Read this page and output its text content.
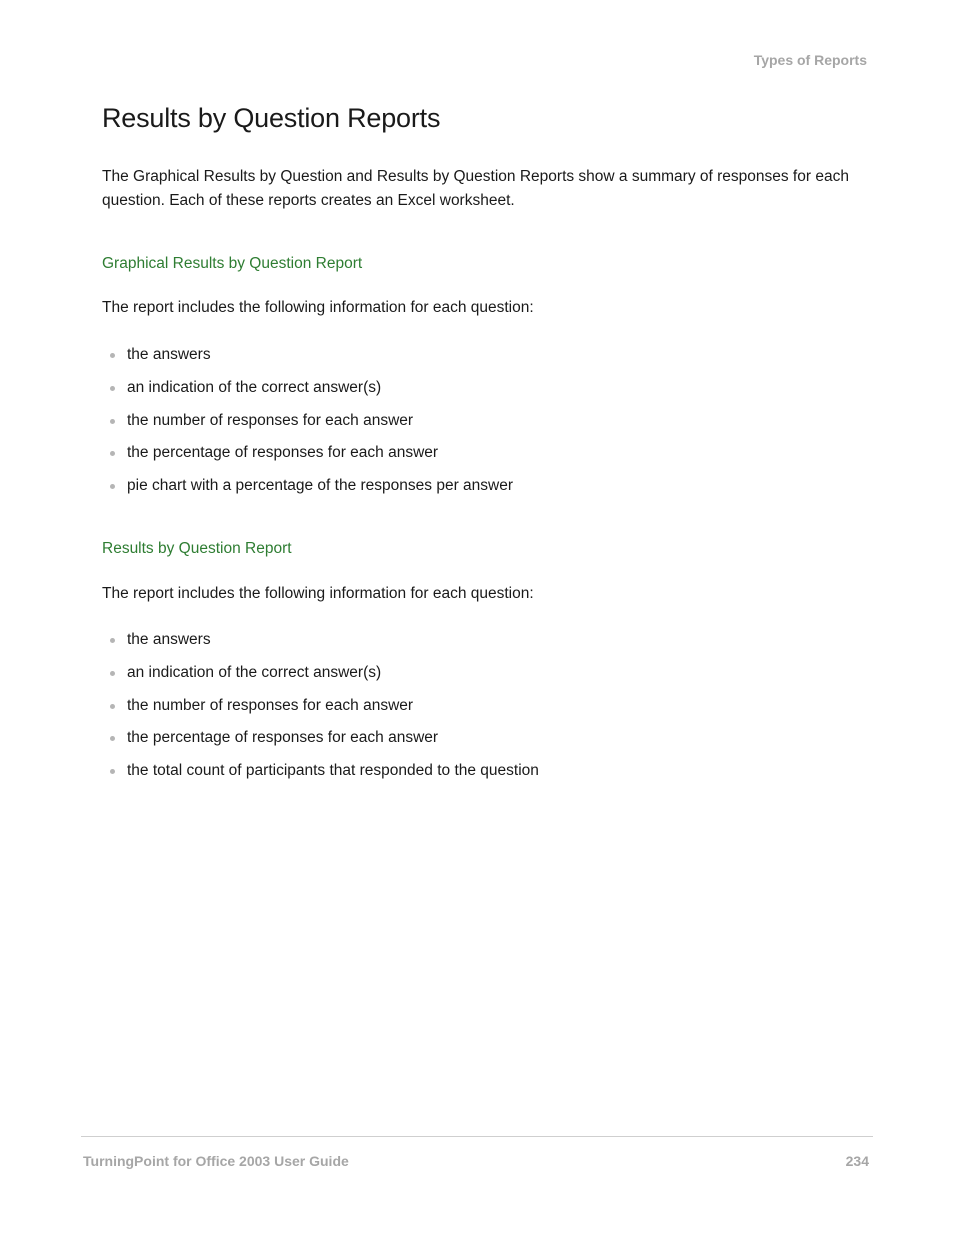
Types of Reports
Results by Question Reports

The Graphical Results by Question and Results by Question Reports show a summary of responses for each question. Each of these reports creates an Excel worksheet.

Graphical Results by Question Report

The report includes the following information for each question:

the answers
an indication of the correct answer(s)
the number of responses for each answer
the percentage of responses for each answer
pie chart with a percentage of the responses per answer
Results by Question Report

The report includes the following information for each question:

the answers
an indication of the correct answer(s)
the number of responses for each answer
the percentage of responses for each answer
the total count of participants that responded to the question
TurningPoint for Office 2003 User Guide	234
